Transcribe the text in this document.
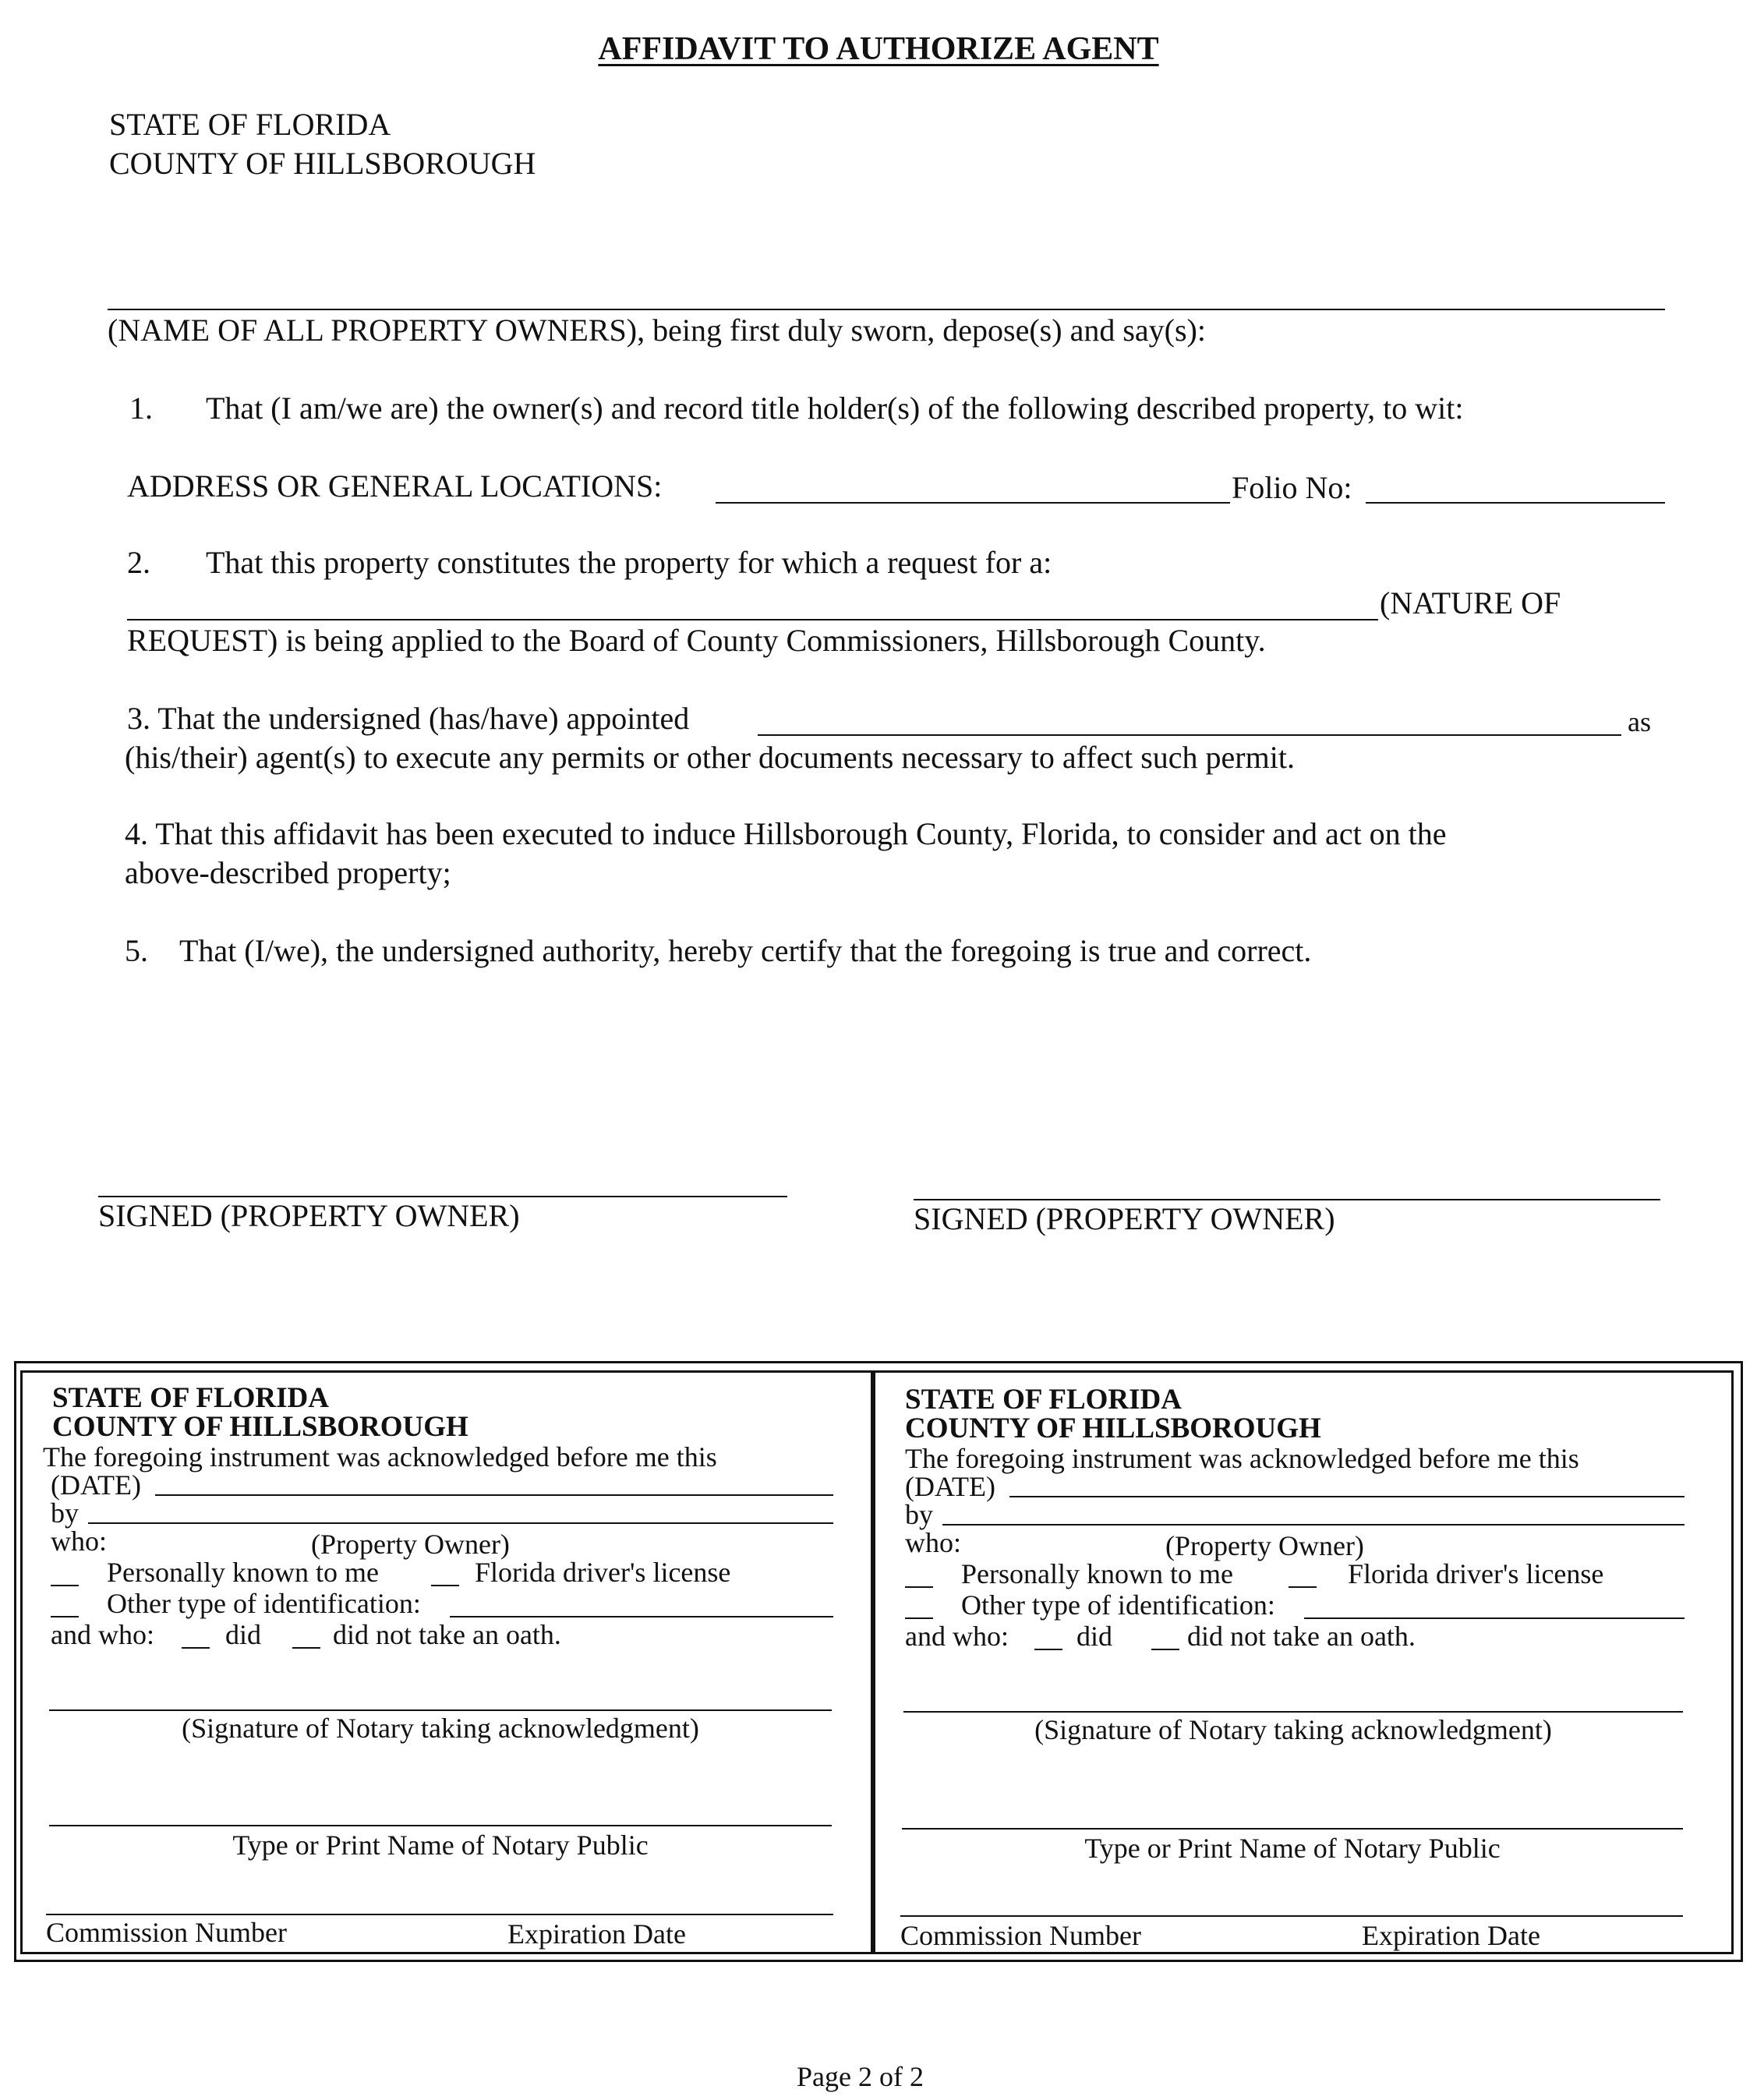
AFFIDAVIT TO AUTHORIZE AGENT
STATE OF FLORIDA
COUNTY OF HILLSBOROUGH
(NAME OF ALL PROPERTY OWNERS), being first duly sworn, depose(s) and say(s):
1. That (I am/we are) the owner(s) and record title holder(s) of the following described property, to wit:
ADDRESS OR GENERAL LOCATIONS:	Folio No:
2. That this property constitutes the property for which a request for a:
(NATURE OF
REQUEST) is being applied to the Board of County Commissioners, Hillsborough County.
3. That the undersigned (has/have) appointed	as
(his/their) agent(s) to execute any permits or other documents necessary to affect such permit.
4. That this affidavit has been executed to induce Hillsborough County, Florida, to consider and act on the
above-described property;
5. That (I/we), the undersigned authority, hereby certify that the foregoing is true and correct.
SIGNED (PROPERTY OWNER)	SIGNED (PROPERTY OWNER)
STATE OF FLORIDA
COUNTY OF HILLSBOROUGH
The foregoing instrument was acknowledged before me this
(DATE)
by
who:	(Property Owner)
Personally known to me	Florida driver's license
Other type of identification:
and who:	did	did not take an oath.
(Signature of Notary taking acknowledgment)
Type or Print Name of Notary Public
Commission Number	Expiration Date
STATE OF FLORIDA
COUNTY OF HILLSBOROUGH
The foregoing instrument was acknowledged before me this
(DATE)
by
who:	(Property Owner)
Personally known to me	Florida driver's license
Other type of identification:
and who: did	did not take an oath.
(Signature of Notary taking acknowledgment)
Type or Print Name of Notary Public
Commission Number	Expiration Date
Page 2 of 2
